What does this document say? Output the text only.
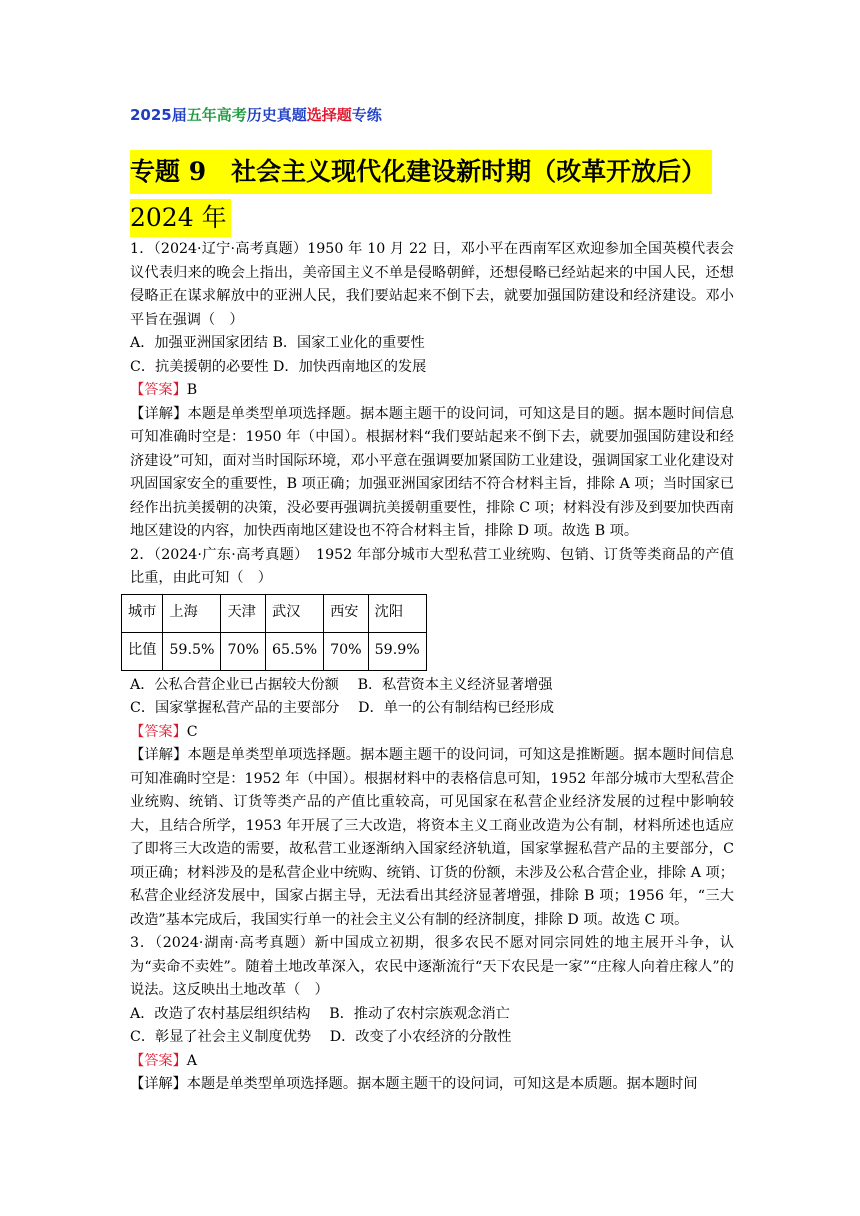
2025届五年高考历史真题选择题专练
专题 9　社会主义现代化建设新时期（改革开放后）
2024 年

1．（2024·辽宁·高考真题）1950 年 10 月 22 日，邓小平在西南军区欢迎参加全国英模代表会议代表归来的晚会上指出，美帝国主义不单是侵略朝鲜，还想侵略已经站起来的中国人民，还想侵略正在谋求解放中的亚洲人民，我们要站起来不倒下去，就要加强国防建设和经济建设。邓小平旨在强调（　）

A．加强亚洲国家团结 B．国家工业化的重要性

C．抗美援朝的必要性 D．加快西南地区的发展

【答案】B

【详解】本题是单类型单项选择题。据本题主题干的设问词，可知这是目的题。据本题时间信息可知准确时空是：1950 年（中国）。根据材料“我们要站起来不倒下去，就要加强国防建设和经济建设”可知，面对当时国际环境，邓小平意在强调要加紧国防工业建设，强调国家工业化建设对巩固国家安全的重要性，B 项正确；加强亚洲国家团结不符合材料主旨，排除 A 项；当时国家已经作出抗美援朝的决策，没必要再强调抗美援朝重要性，排除 C 项；材料没有涉及到要加快西南地区建设的内容，加快西南地区建设也不符合材料主旨，排除 D 项。故选 B 项。

2．（2024·广东·高考真题）　1952 年部分城市大型私营工业统购、包销、订货等类商品的产值比重，由此可知（　）

城市	上海	天津	武汉	西安	沈阳
比值	59.5%	70%	65.5%	70%	59.9%

A．公私合营企业已占据较大份额　 B．私营资本主义经济显著增强

C．国家掌握私营产品的主要部分　 D．单一的公有制结构已经形成

【答案】C

【详解】本题是单类型单项选择题。据本题主题干的设问词，可知这是推断题。据本题时间信息可知准确时空是：1952 年（中国）。根据材料中的表格信息可知，1952 年部分城市大型私营企业统购、统销、订货等类产品的产值比重较高，可见国家在私营企业经济发展的过程中影响较大，且结合所学，1953 年开展了三大改造，将资本主义工商业改造为公有制，材料所述也适应了即将三大改造的需要，故私营工业逐渐纳入国家经济轨道，国家掌握私营产品的主要部分，C 项正确；材料涉及的是私营企业中统购、统销、订货的份额，未涉及公私合营企业，排除 A 项；私营企业经济发展中，国家占据主导，无法看出其经济显著增强，排除 B 项；1956 年，“三大改造”基本完成后，我国实行单一的社会主义公有制的经济制度，排除 D 项。故选 C 项。

3．（2024·湖南·高考真题）新中国成立初期，很多农民不愿对同宗同姓的地主展开斗争，认为“卖命不卖姓”。随着土地改革深入，农民中逐渐流行“天下农民是一家”“庄稼人向着庄稼人”的说法。这反映出土地改革（　）

A．改造了农村基层组织结构　 B．推动了农村宗族观念消亡

C．彰显了社会主义制度优势　 D．改变了小农经济的分散性

【答案】A

【详解】本题是单类型单项选择题。据本题主题干的设问词，可知这是本质题。据本题时间
